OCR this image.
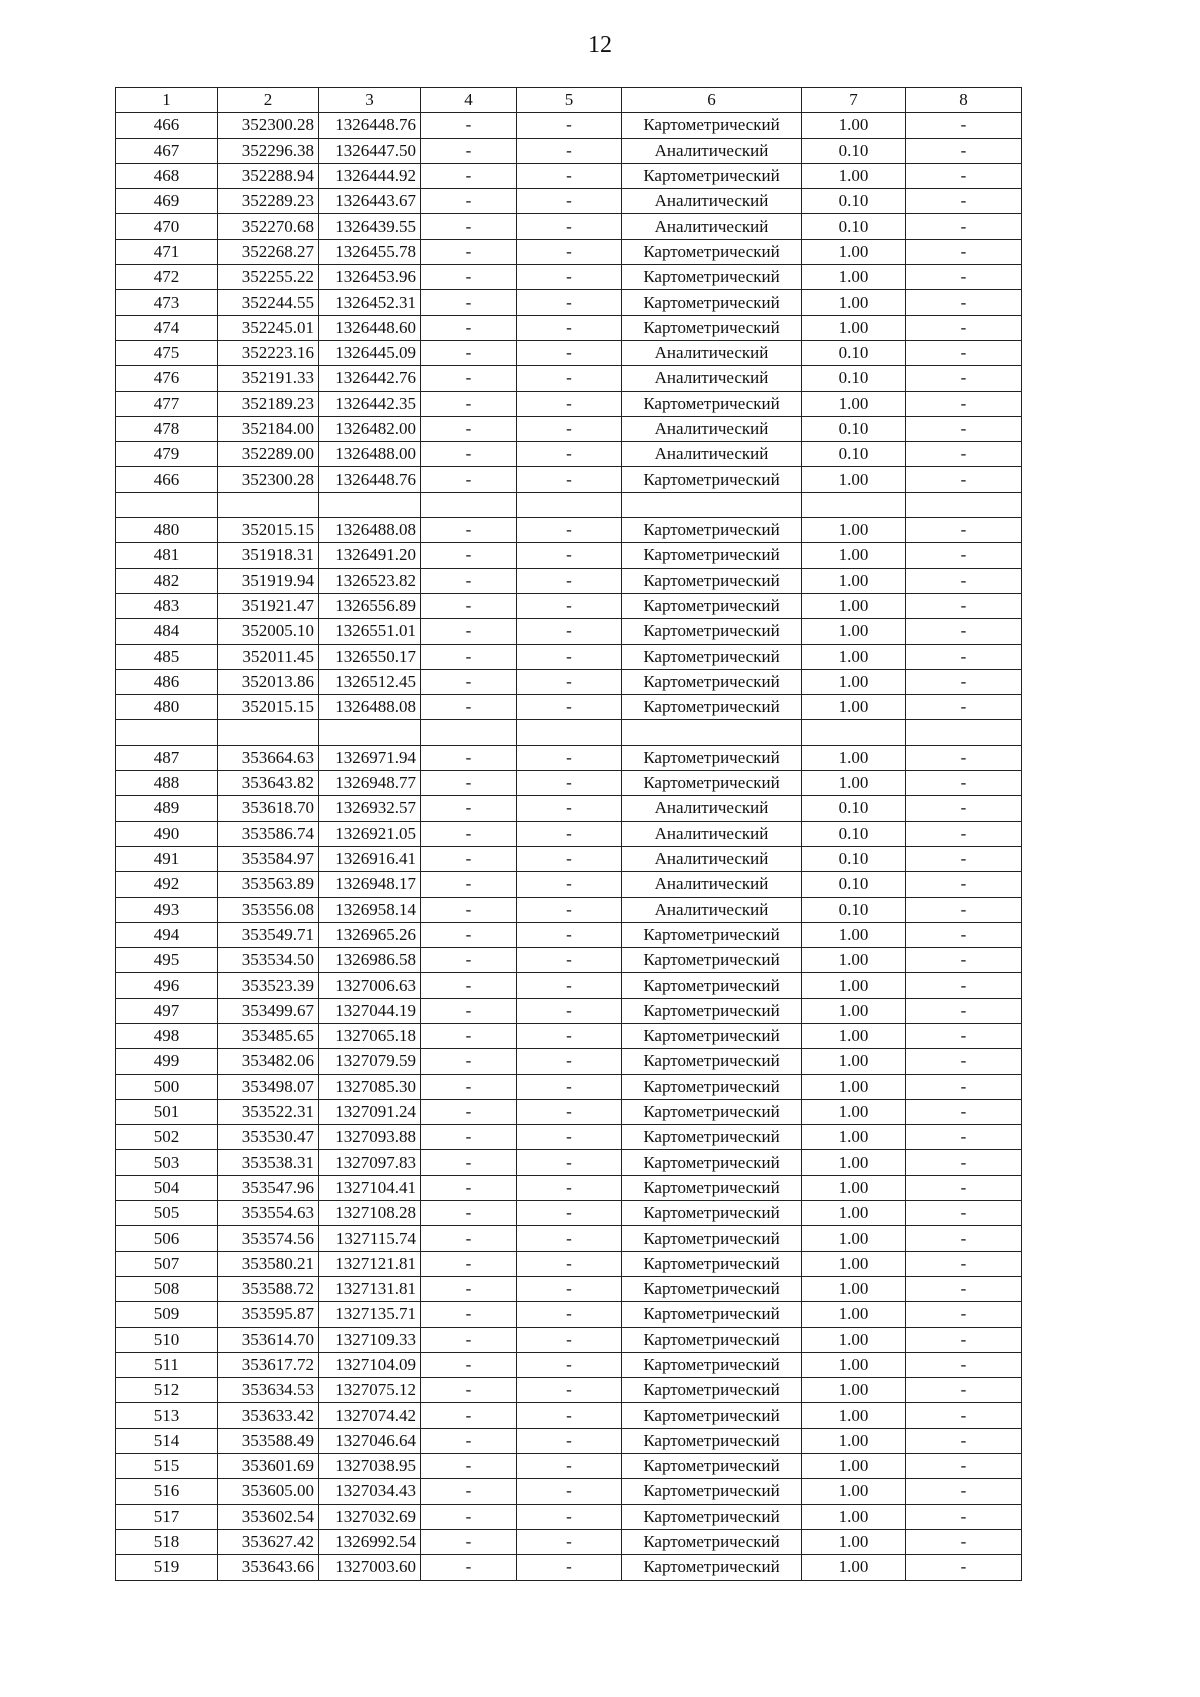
12
1	2	3	4	5	6	7	8
466	352300.28	1326448.76	-	-	Картометрический	1.00	-
467	352296.38	1326447.50	-	-	Аналитический	0.10	-
468	352288.94	1326444.92	-	-	Картометрический	1.00	-
469	352289.23	1326443.67	-	-	Аналитический	0.10	-
470	352270.68	1326439.55	-	-	Аналитический	0.10	-
471	352268.27	1326455.78	-	-	Картометрический	1.00	-
472	352255.22	1326453.96	-	-	Картометрический	1.00	-
473	352244.55	1326452.31	-	-	Картометрический	1.00	-
474	352245.01	1326448.60	-	-	Картометрический	1.00	-
475	352223.16	1326445.09	-	-	Аналитический	0.10	-
476	352191.33	1326442.76	-	-	Аналитический	0.10	-
477	352189.23	1326442.35	-	-	Картометрический	1.00	-
478	352184.00	1326482.00	-	-	Аналитический	0.10	-
479	352289.00	1326488.00	-	-	Аналитический	0.10	-
466	352300.28	1326448.76	-	-	Картометрический	1.00	-

480	352015.15	1326488.08	-	-	Картометрический	1.00	-
481	351918.31	1326491.20	-	-	Картометрический	1.00	-
482	351919.94	1326523.82	-	-	Картометрический	1.00	-
483	351921.47	1326556.89	-	-	Картометрический	1.00	-
484	352005.10	1326551.01	-	-	Картометрический	1.00	-
485	352011.45	1326550.17	-	-	Картометрический	1.00	-
486	352013.86	1326512.45	-	-	Картометрический	1.00	-
480	352015.15	1326488.08	-	-	Картометрический	1.00	-

487	353664.63	1326971.94	-	-	Картометрический	1.00	-
488	353643.82	1326948.77	-	-	Картометрический	1.00	-
489	353618.70	1326932.57	-	-	Аналитический	0.10	-
490	353586.74	1326921.05	-	-	Аналитический	0.10	-
491	353584.97	1326916.41	-	-	Аналитический	0.10	-
492	353563.89	1326948.17	-	-	Аналитический	0.10	-
493	353556.08	1326958.14	-	-	Аналитический	0.10	-
494	353549.71	1326965.26	-	-	Картометрический	1.00	-
495	353534.50	1326986.58	-	-	Картометрический	1.00	-
496	353523.39	1327006.63	-	-	Картометрический	1.00	-
497	353499.67	1327044.19	-	-	Картометрический	1.00	-
498	353485.65	1327065.18	-	-	Картометрический	1.00	-
499	353482.06	1327079.59	-	-	Картометрический	1.00	-
500	353498.07	1327085.30	-	-	Картометрический	1.00	-
501	353522.31	1327091.24	-	-	Картометрический	1.00	-
502	353530.47	1327093.88	-	-	Картометрический	1.00	-
503	353538.31	1327097.83	-	-	Картометрический	1.00	-
504	353547.96	1327104.41	-	-	Картометрический	1.00	-
505	353554.63	1327108.28	-	-	Картометрический	1.00	-
506	353574.56	1327115.74	-	-	Картометрический	1.00	-
507	353580.21	1327121.81	-	-	Картометрический	1.00	-
508	353588.72	1327131.81	-	-	Картометрический	1.00	-
509	353595.87	1327135.71	-	-	Картометрический	1.00	-
510	353614.70	1327109.33	-	-	Картометрический	1.00	-
511	353617.72	1327104.09	-	-	Картометрический	1.00	-
512	353634.53	1327075.12	-	-	Картометрический	1.00	-
513	353633.42	1327074.42	-	-	Картометрический	1.00	-
514	353588.49	1327046.64	-	-	Картометрический	1.00	-
515	353601.69	1327038.95	-	-	Картометрический	1.00	-
516	353605.00	1327034.43	-	-	Картометрический	1.00	-
517	353602.54	1327032.69	-	-	Картометрический	1.00	-
518	353627.42	1326992.54	-	-	Картометрический	1.00	-
519	353643.66	1327003.60	-	-	Картометрический	1.00	-
